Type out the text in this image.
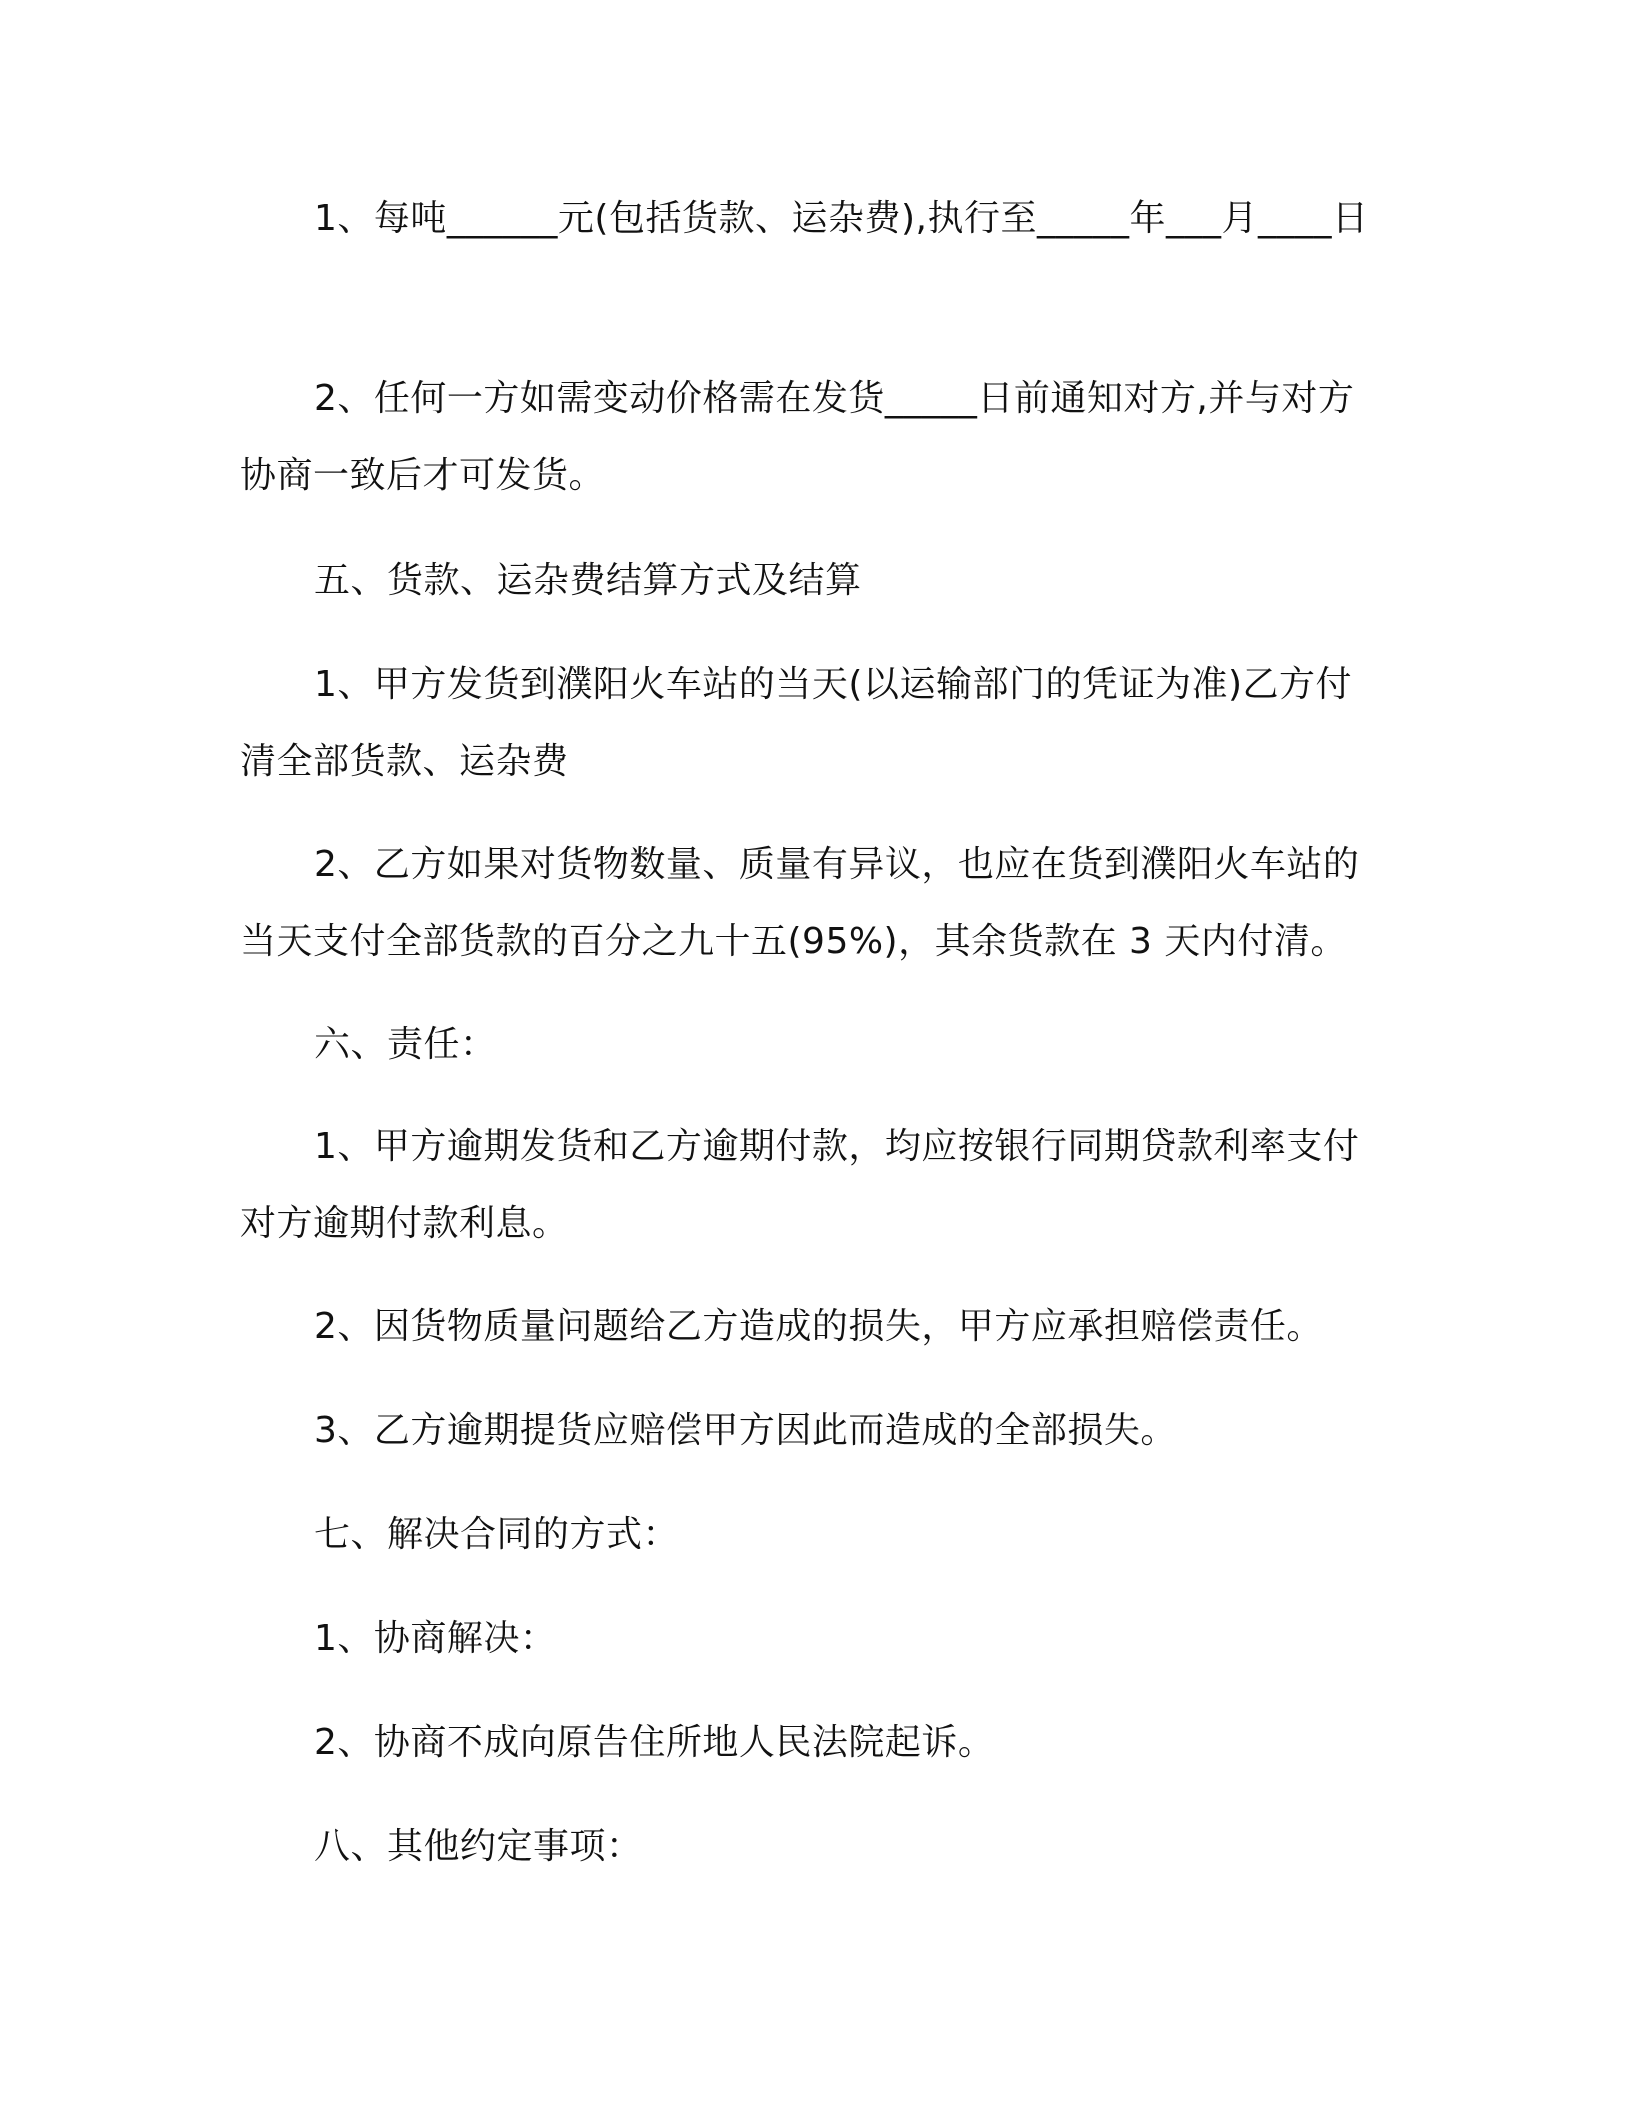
1、每吨______元(包括货款、运杂费),执行至_____年___月____日
2、任何一方如需变动价格需在发货_____日前通知对方,并与对方协商一致后才可发货。
五、货款、运杂费结算方式及结算
1、甲方发货到濮阳火车站的当天(以运输部门的凭证为准)乙方付清全部货款、运杂费
2、乙方如果对货物数量、质量有异议，也应在货到濮阳火车站的当天支付全部货款的百分之九十五(95%)，其余货款在 3 天内付清。
六、责任：
1、甲方逾期发货和乙方逾期付款，均应按银行同期贷款利率支付对方逾期付款利息。
2、因货物质量问题给乙方造成的损失，甲方应承担赔偿责任。
3、乙方逾期提货应赔偿甲方因此而造成的全部损失。
七、解决合同的方式：
1、协商解决：
2、协商不成向原告住所地人民法院起诉。
八、其他约定事项：
